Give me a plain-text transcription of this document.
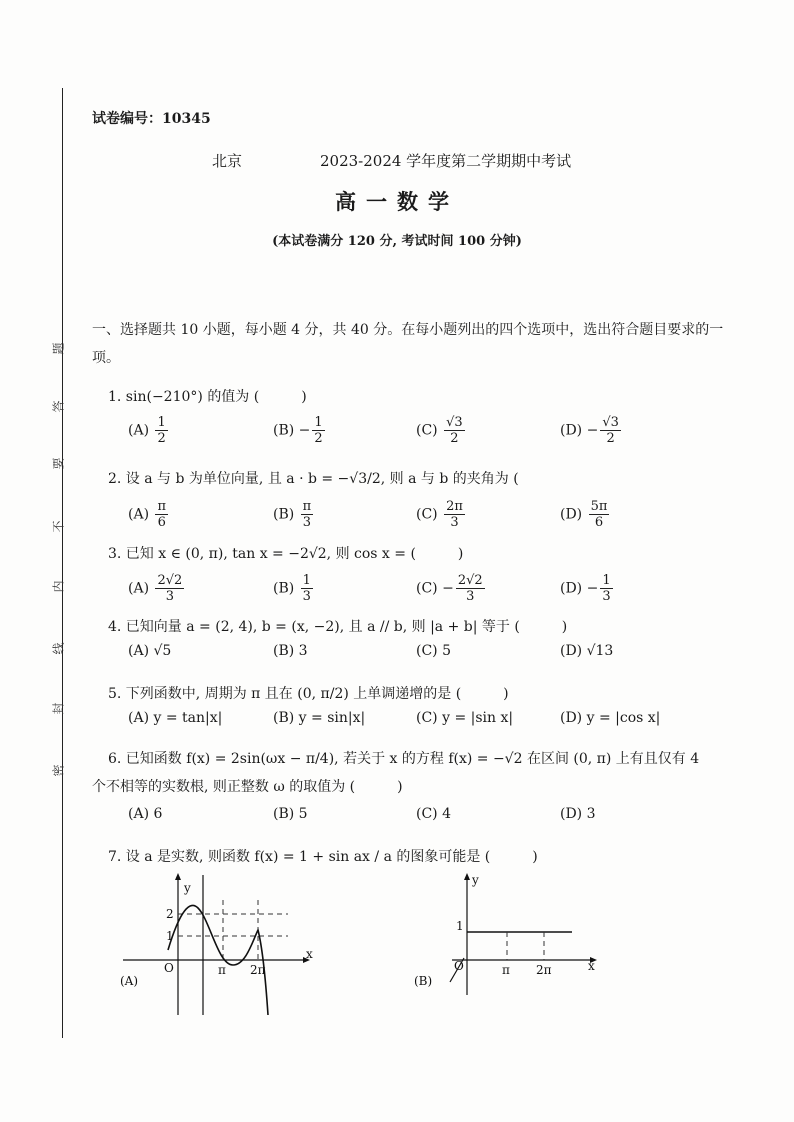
题
答
要
不
内
线
封
密
试卷编号：10345
北京	2023-2024 学年度第二学期期中考试
高一数学
(本试卷满分 120 分, 考试时间 100 分钟)
一、选择题共 10 小题，每小题 4 分，共 40 分。在每小题列出的四个选项中，选出符合题目要求的一项。
1. sin(−210°) 的值为 (　　　)
$(A) \frac{1}{2}$	$(B) - \frac{1}{2}$	$(C) \frac{√3}{2}$	$(D) - \frac{√3}{2}$
2. 设 a 与 b 为单位向量, 且 a · b = −√3/2, 则 a 与 b 的夹角为 (
$(A) \frac{\pi}{6}$	$(B) \frac{\pi}{3}$	$(C) \frac{2\pi}{3}$	$(D) \frac{5\pi}{6}$
3. 已知 x ∈ (0, π), tan x = −2√2, 则 cos x = (　　　)
$(A) \frac{2√2}{3}$	$(B) \frac{1}{3}$	$(C) - \frac{2√2}{3}$	$(D) - \frac{1}{3}$
4. 已知向量 a = (2, 4), b = (x, −2), 且 a // b, 则 |a + b| 等于 (　　　)
(A) √5	(B) 3	(C) 5	(D) √13
5. 下列函数中, 周期为 π 且在 (0, π/2) 上单调递增的是 (　　　)
(A) y = tan|x|	(B) y = sin|x|	(C) y = |sin x|	(D) y = |cos x|
6. 已知函数 f(x) = 2sin(ωx − π/4), 若关于 x 的方程 f(x) = −√2 在区间 (0, π) 上有且仅有 4
个不相等的实数根, 则正整数 ω 的取值为 (　　　)
(A) 6	(B) 5	(C) 4	(D) 3
7. 设 a 是实数, 则函数 f(x) = 1 + sin ax / a 的图象可能是 (　　　)
y
x
O
2
1
π 2π
(A)
y
x
O
1
π 2π
(B)
